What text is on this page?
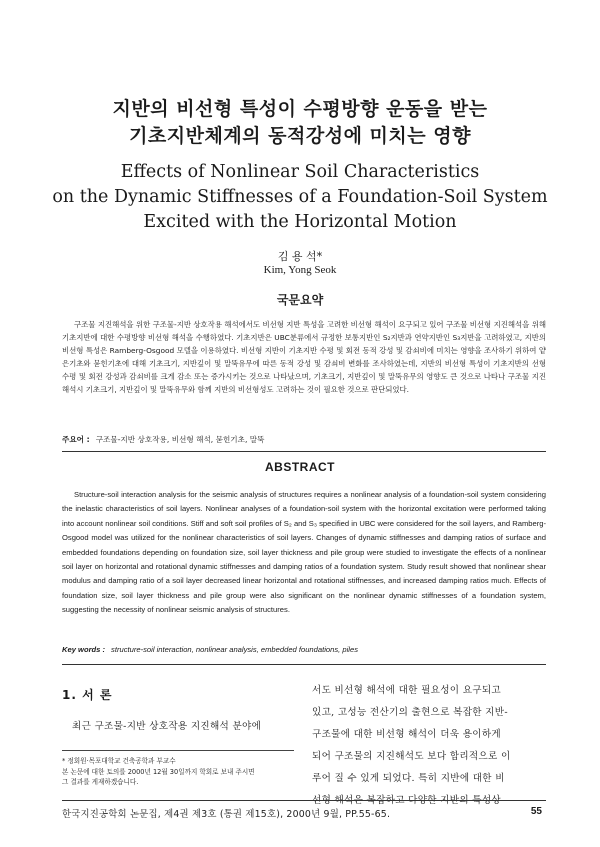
지반의 비선형 특성이 수평방향 운동을 받는
기초지반체계의 동적강성에 미치는 영향
Effects of Nonlinear Soil Characteristics
on the Dynamic Stiffnesses of a Foundation-Soil System
Excited with the Horizontal Motion
김 용 석*
Kim, Yong Seok
국문요약
구조물 지진해석을 위한 구조물-지반 상호작용 해석에서도 비선형 지반 특성을 고려한 비선형 해석이 요구되고 있어 구조물 비선형 지진해석을 위해 기초지반에 대한 수평방향 비선형 해석을 수행하였다. 기초지반은 UBC분류에서 규정한 보통지반인 S₂지반과 연약지반인 S₃지반을 고려하였고, 지반의 비선형 특성은 Ramberg-Osgood 모델을 이용하였다. 비선형 지반이 기초지반 수평 및 회전 동적 강성 및 감쇠비에 미치는 영향을 조사하기 위하여 얕은기초와 묻힌기초에 대해 기초크기, 지반깊이 및 말뚝유무에 따른 동적 강성 및 감쇠비 변화를 조사하였는데, 지반의 비선형 특성이 기초지반의 선형 수평 및 회전 강성과 감쇠비를 크게 감소 또는 증가시키는 것으로 나타났으며, 기초크기, 지반깊이 및 말뚝유무의 영향도 큰 것으로 나타나 구조물 지진해석시 기초크기, 지반깊이 및 말뚝유무와 함께 지반의 비선형성도 고려하는 것이 필요한 것으로 판단되었다.
주요어 : 구조물-지반 상호작용, 비선형 해석, 묻힌기초, 말뚝
ABSTRACT
Structure-soil interaction analysis for the seismic analysis of structures requires a nonlinear analysis of a foundation-soil system considering the inelastic characteristics of soil layers. Nonlinear analyses of a foundation-soil system with the horizontal excitation were performed taking into account nonlinear soil conditions. Stiff and soft soil profiles of S₂ and S₃ specified in UBC were considered for the soil layers, and Ramberg-Osgood model was utilized for the nonlinear characteristics of soil layers. Changes of dynamic stiffnesses and damping ratios of surface and embedded foundations depending on foundation size, soil layer thickness and pile group were studied to investigate the effects of a nonlinear soil layer on horizontal and rotational dynamic stiffnesses and damping ratios of a foundation system. Study result showed that nonlinear shear modulus and damping ratio of a soil layer decreased linear horizontal and rotational stiffnesses, and increased damping ratios much. Effects of foundation size, soil layer thickness and pile group were also significant on the nonlinear dynamic stiffnesses of a foundation system, suggesting the necessity of nonlinear seismic analysis of structures.
Key words : structure-soil interaction, nonlinear analysis, embedded foundations, piles
1. 서 론
최근 구조물-지반 상호작용 지진해석 분야에
* 정회원·목포대학교 건축공학과 부교수
본 논문에 대한 토의를 2000년 12월 30일까지 학회로 보내 주시면
그 결과를 게재하겠습니다.
서도 비선형 해석에 대한 필요성이 요구되고
있고, 고성능 전산기의 출현으로 복잡한 지반-
구조물에 대한 비선형 해석이 더욱 용이하게
되어 구조물의 지진해석도 보다 합리적으로 이
루어 질 수 있게 되었다. 특히 지반에 대한 비
선형 해석은 복잡하고 다양한 지반의 특성상
한국지진공학회 논문집, 제4권 제3호 (통권 제15호), 2000년 9월, PP.55-65.	55
